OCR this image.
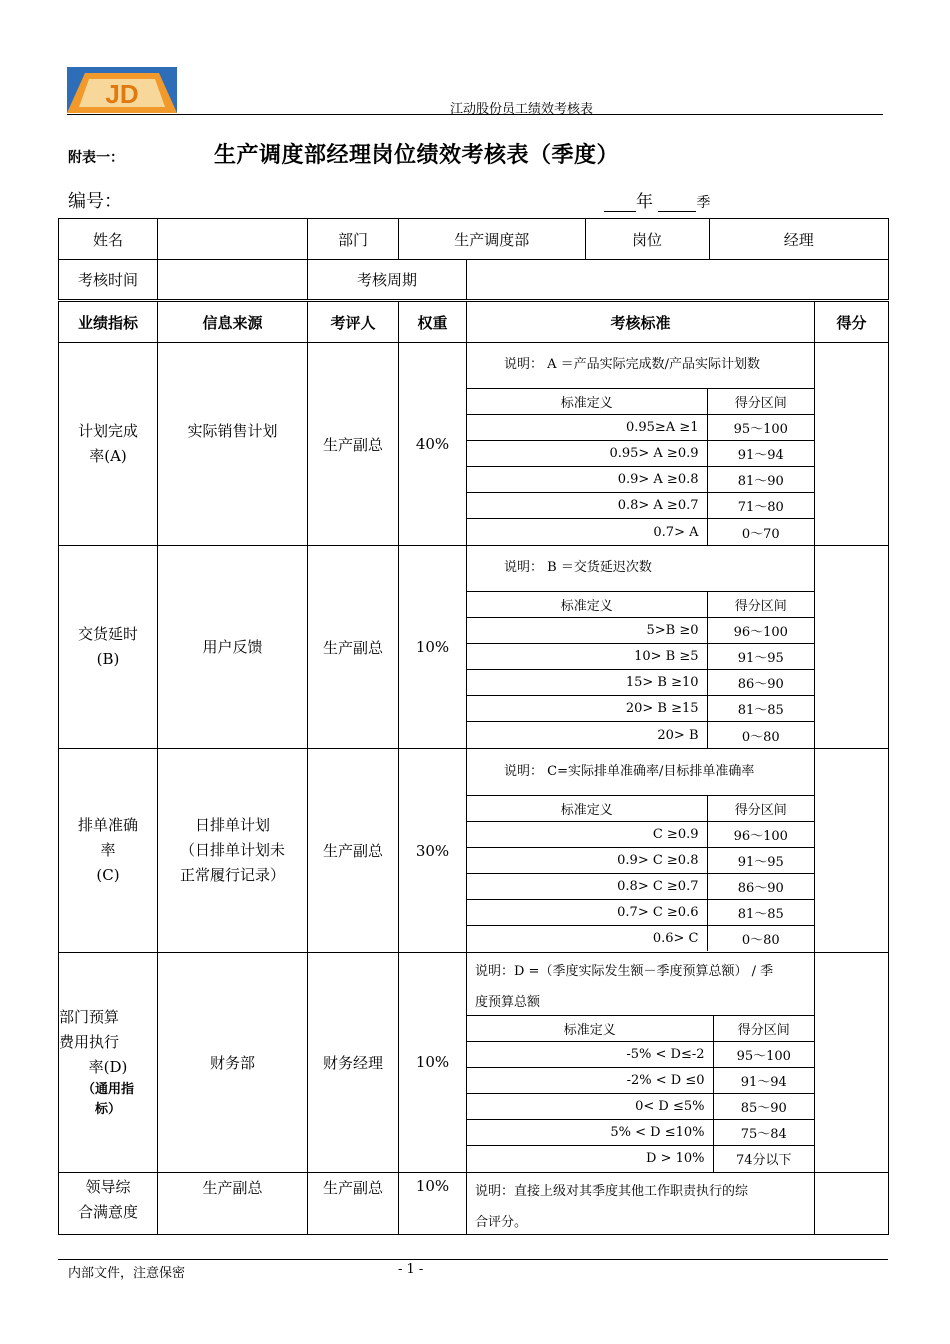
JD
江动股份员工绩效考核表
附表一：	生产调度部经理岗位绩效考核表（季度）
编号：	年	季
姓名		部门		生产调度部	岗位	经理

考核时间		考核周期	
业绩指标	信息来源	考评人	权重	考核标准	得分

计划完成
率(A)

实际销售计划
	生产副总	40%	
说明： A ＝产品实际完成数/产品实际计划数
标准定义	得分区间
0.95≥A ≥1	95～100
0.95> A ≥0.9	91～94
0.9> A ≥0.8	81～90
0.8> A ≥0.7	71～80
0.7> A	0～70

交货延时
(B)
	用户反馈	生产副总	10%	
说明： B ＝交货延迟次数
标准定义	得分区间
5>B ≥0	96～100
10> B ≥5	91～95
15> B ≥10	86～90
20> B ≥15	81～85
20> B	0～80

排单准确
率
(C)

日排单计划
（日排单计划未
正常履行记录）
	生产副总	30%	
说明： C=实际排单准确率/目标排单准确率
标准定义	得分区间
C ≥0.9	96～100
0.9> C ≥0.8	91～95
0.8> C ≥0.7	86～90
0.7> C ≥0.6	81～85
0.6> C	0～80

部门预算
费用执行
率(D)
（通用指
标）
	财务部	财务经理	10%	
说明：D =（季度实际发生额－季度预算总额） / 季
度预算总额
标准定义	得分区间
-5% < D≤-2	95～100
-2% < D ≤0	91～94
0< D ≤5%	85～90
5% < D ≤10%	75～84
D > 10%	74分以下

领导综
合满意度
	生产副总	生产副总	10%	说明：直接上级对其季度其他工作职责执行的综
合评分。

内部文件，注意保密	- 1 -
